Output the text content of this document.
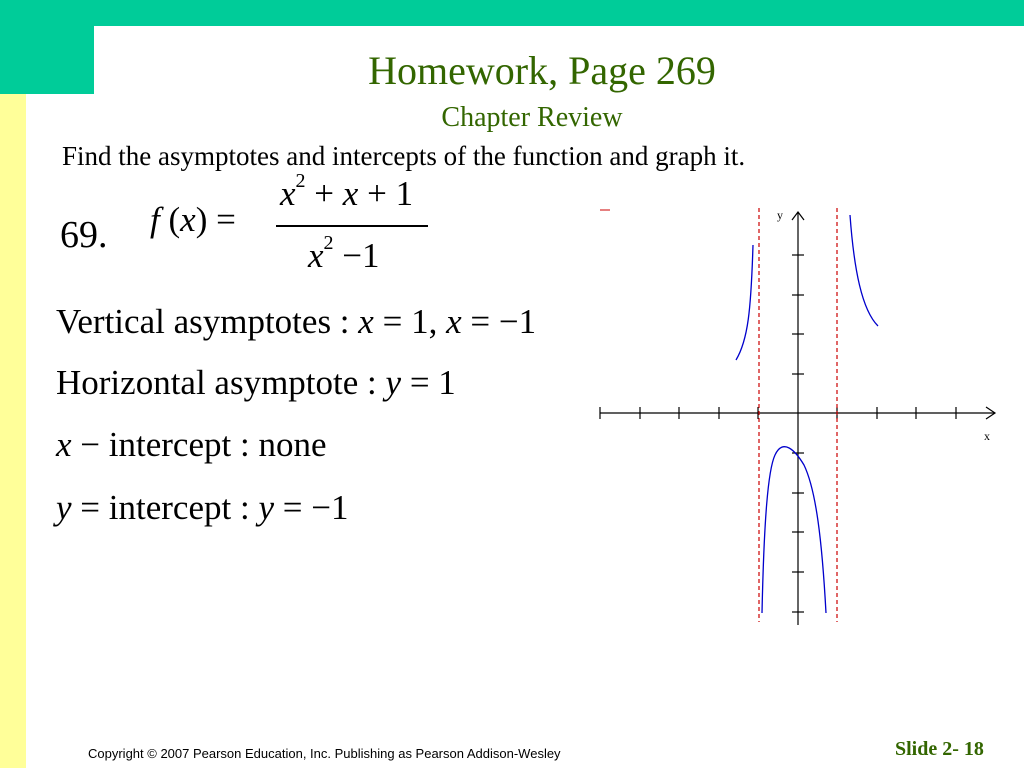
Homework, Page 269
Chapter Review
Find the asymptotes and intercepts of the function and graph it.
69. f (x) =
$x^2 + x + 1$
$x^2 -1$
Vertical asymptotes : x = 1, x = −1
Horizontal asymptote : y = 1
x − intercept : none
y = intercept : y = −1
y
x
Copyright © 2007 Pearson Education, Inc. Publishing as Pearson Addison-Wesley	Slide 2- 18
